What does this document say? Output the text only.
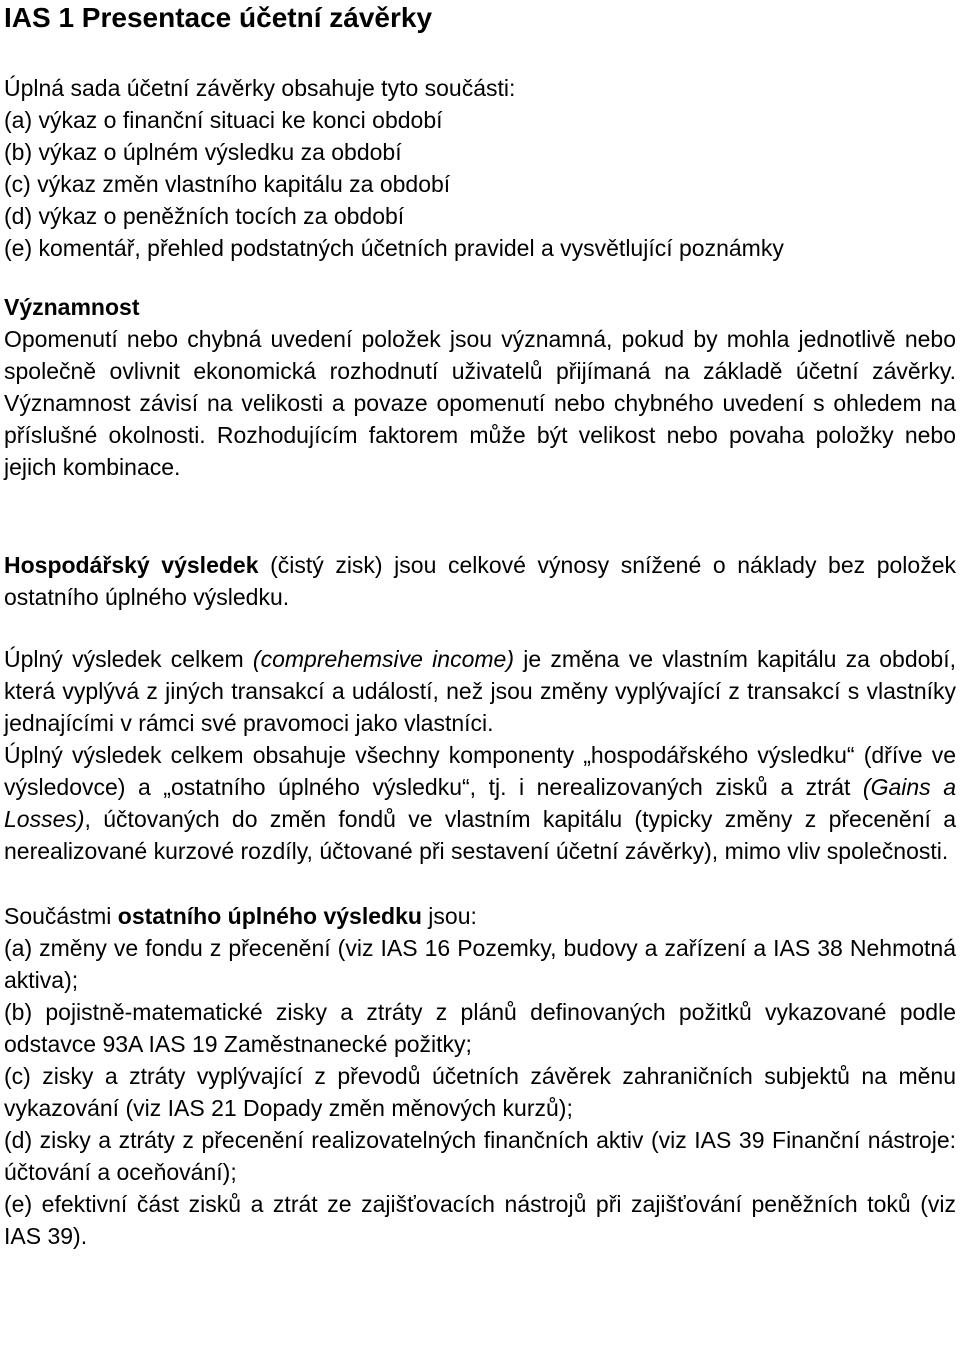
IAS 1 Presentace účetní závěrky
Úplná sada účetní závěrky obsahuje tyto součásti:
(a) výkaz o finanční situaci ke konci období
(b) výkaz o úplném výsledku za období
(c) výkaz změn vlastního kapitálu za období
(d) výkaz o peněžních tocích za období
(e) komentář, přehled podstatných účetních pravidel a vysvětlující poznámky
Významnost

Opomenutí nebo chybná uvedení položek jsou významná, pokud by mohla jednotlivě nebo společně ovlivnit ekonomická rozhodnutí uživatelů přijímaná na základě účetní závěrky. Významnost závisí na velikosti a povaze opomenutí nebo chybného uvedení s ohledem na příslušné okolnosti. Rozhodujícím faktorem může být velikost nebo povaha položky nebo jejich kombinace.

Hospodářský výsledek (čistý zisk) jsou celkové výnosy snížené o náklady bez položek ostatního úplného výsledku.

Úplný výsledek celkem (comprehemsive income) je změna ve vlastním kapitálu za období, která vyplývá z jiných transakcí a událostí, než jsou změny vyplývající z transakcí s vlastníky jednajícími v rámci své pravomoci jako vlastníci.

Úplný výsledek celkem obsahuje všechny komponenty „hospodářského výsledku“ (dříve ve výsledovce) a „ostatního úplného výsledku“, tj. i nerealizovaných zisků a ztrát (Gains a Losses), účtovaných do změn fondů ve vlastním kapitálu (typicky změny z přecenění a nerealizované kurzové rozdíly, účtované při sestavení účetní závěrky), mimo vliv společnosti.

Součástmi ostatního úplného výsledku jsou:

(a) změny ve fondu z přecenění (viz IAS 16 Pozemky, budovy a zařízení a IAS 38 Nehmotná aktiva);

(b) pojistně-matematické zisky a ztráty z plánů definovaných požitků vykazované podle odstavce 93A IAS 19 Zaměstnanecké požitky;

(c) zisky a ztráty vyplývající z převodů účetních závěrek zahraničních subjektů na měnu vykazování (viz IAS 21 Dopady změn měnových kurzů);

(d) zisky a ztráty z přecenění realizovatelných finančních aktiv (viz IAS 39 Finanční nástroje: účtování a oceňování);

(e) efektivní část zisků a ztrát ze zajišťovacích nástrojů při zajišťování peněžních toků (viz IAS 39).
